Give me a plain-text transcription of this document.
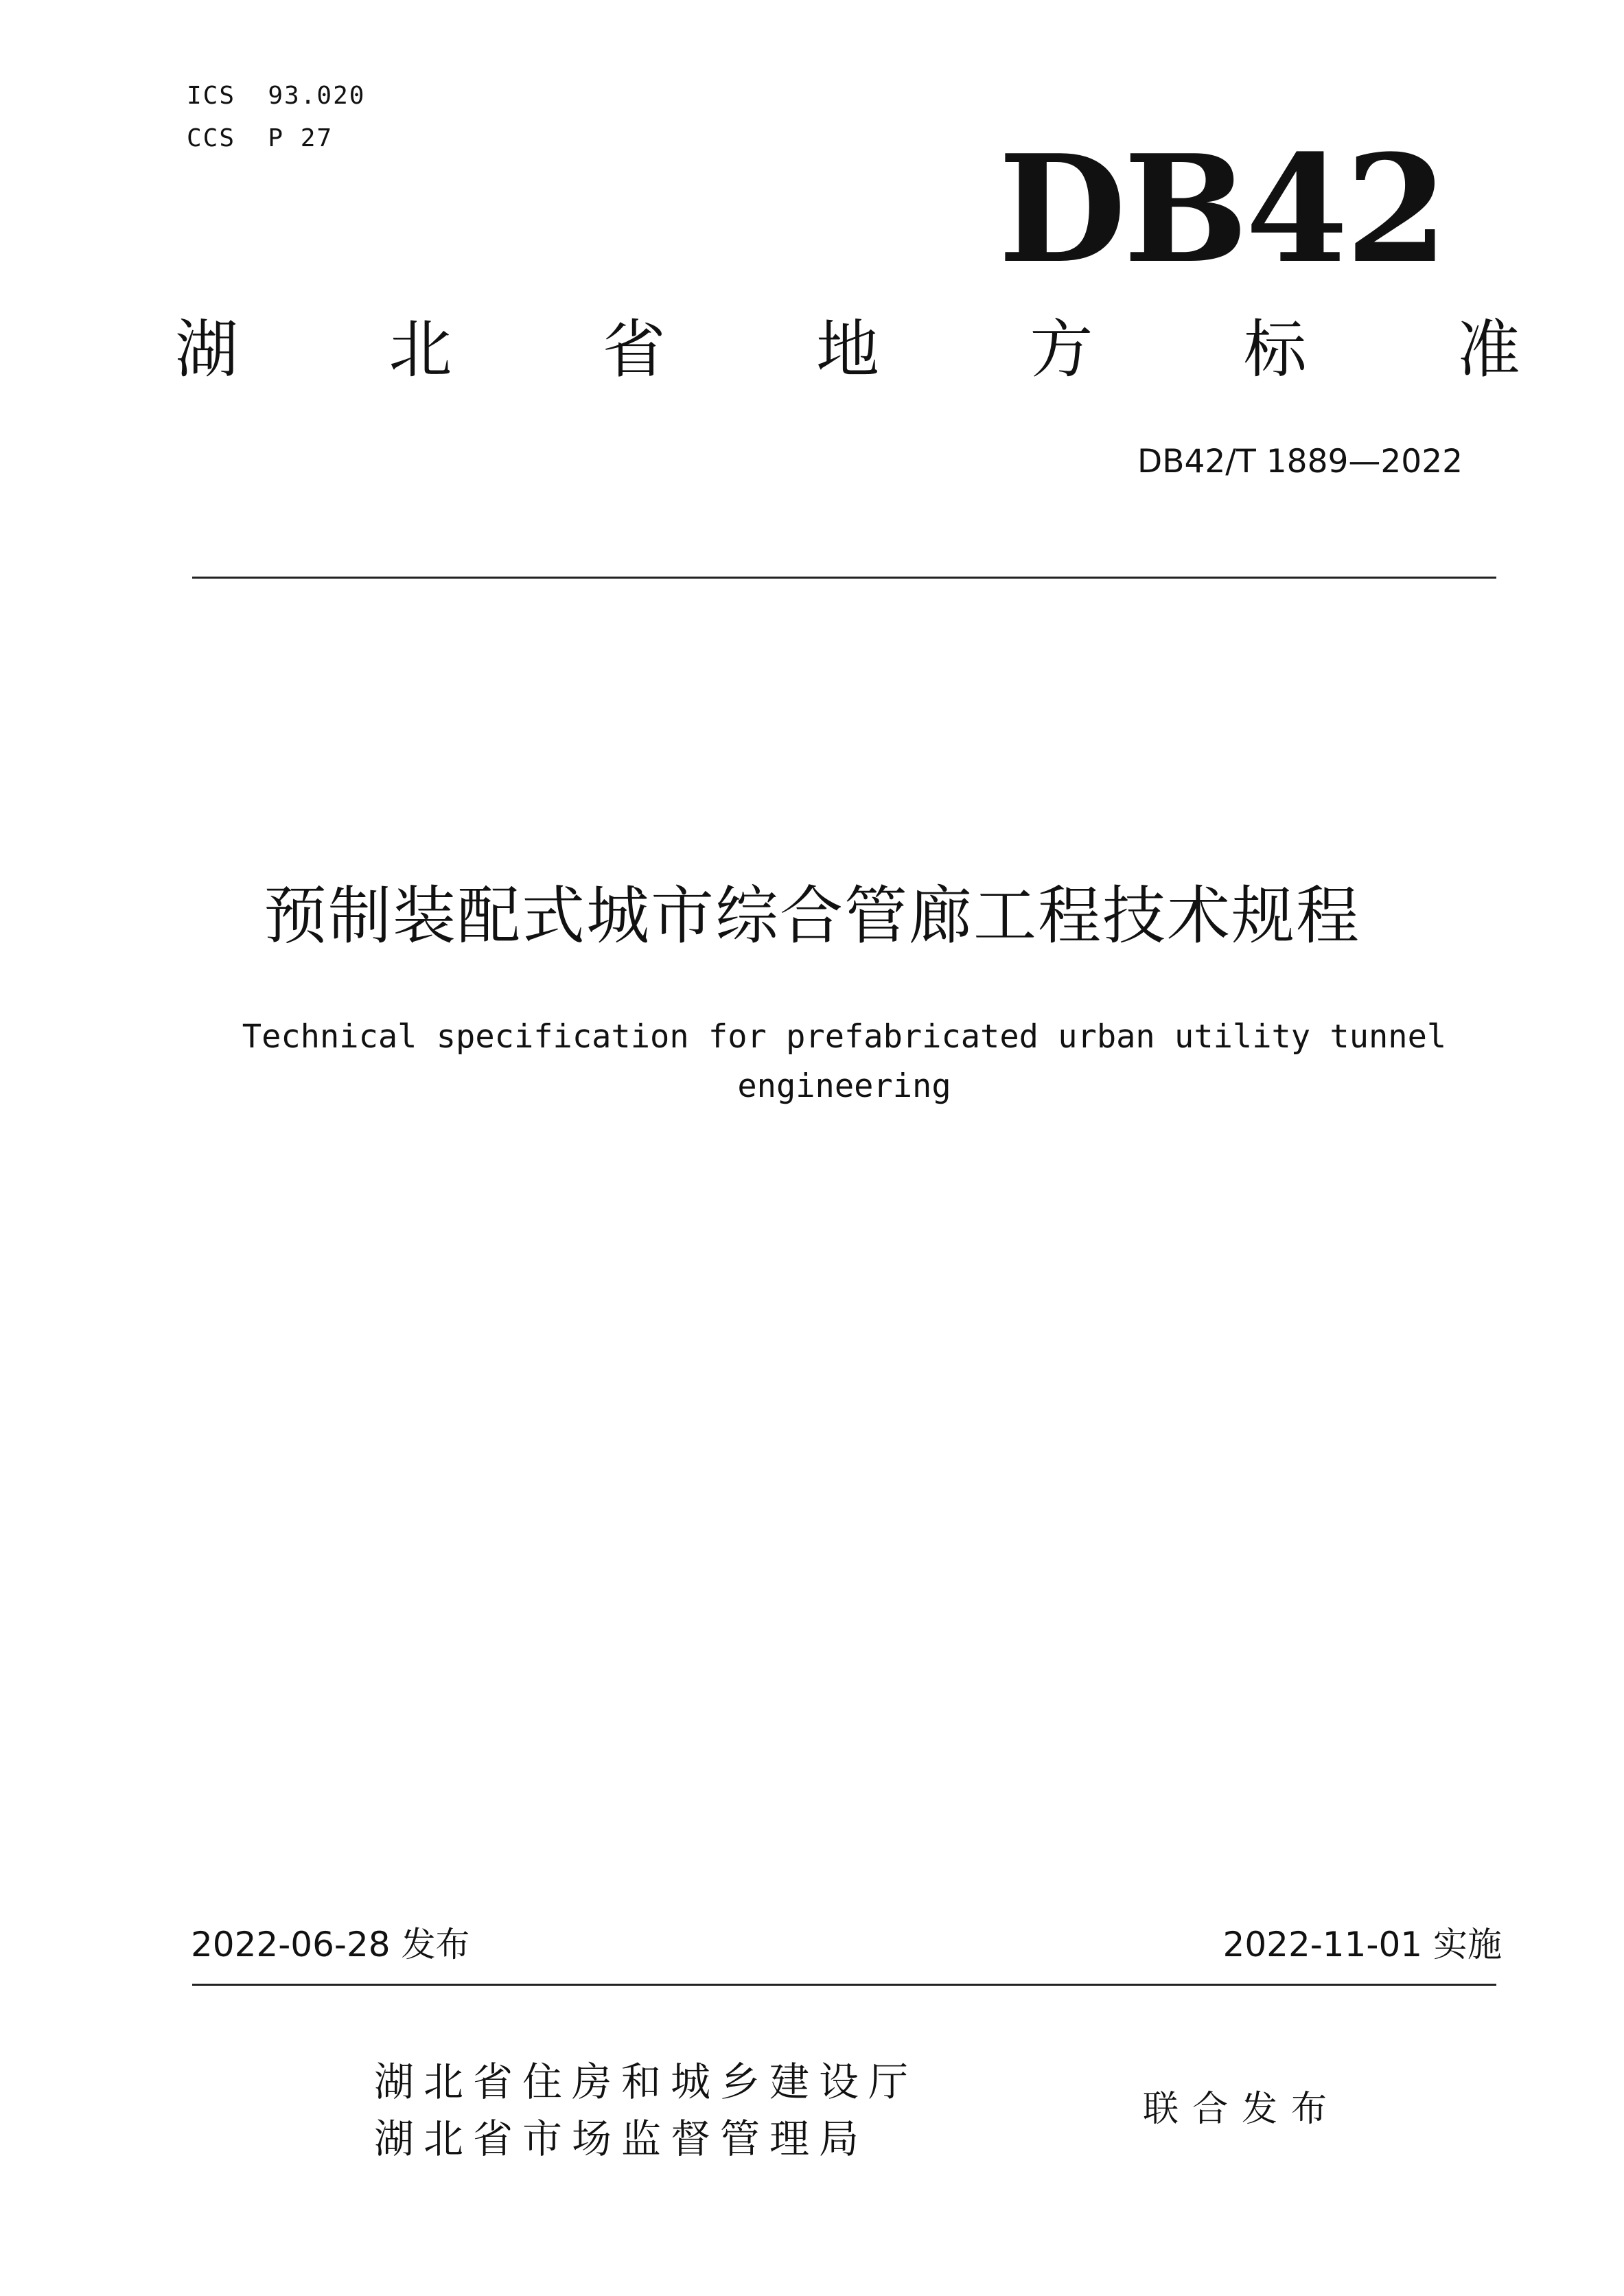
ICS  93.020
CCS  P 27	DB42
湖 北 省 地 方 标 准
DB42/T 1889—2022
预制装配式城市综合管廊工程技术规程
Technical specification for prefabricated urban utility tunnel
engineering
2022-06-28 发布	2022-11-01 实施
湖北省住房和城乡建设厅
湖北省市场监督管理局
联合发布
